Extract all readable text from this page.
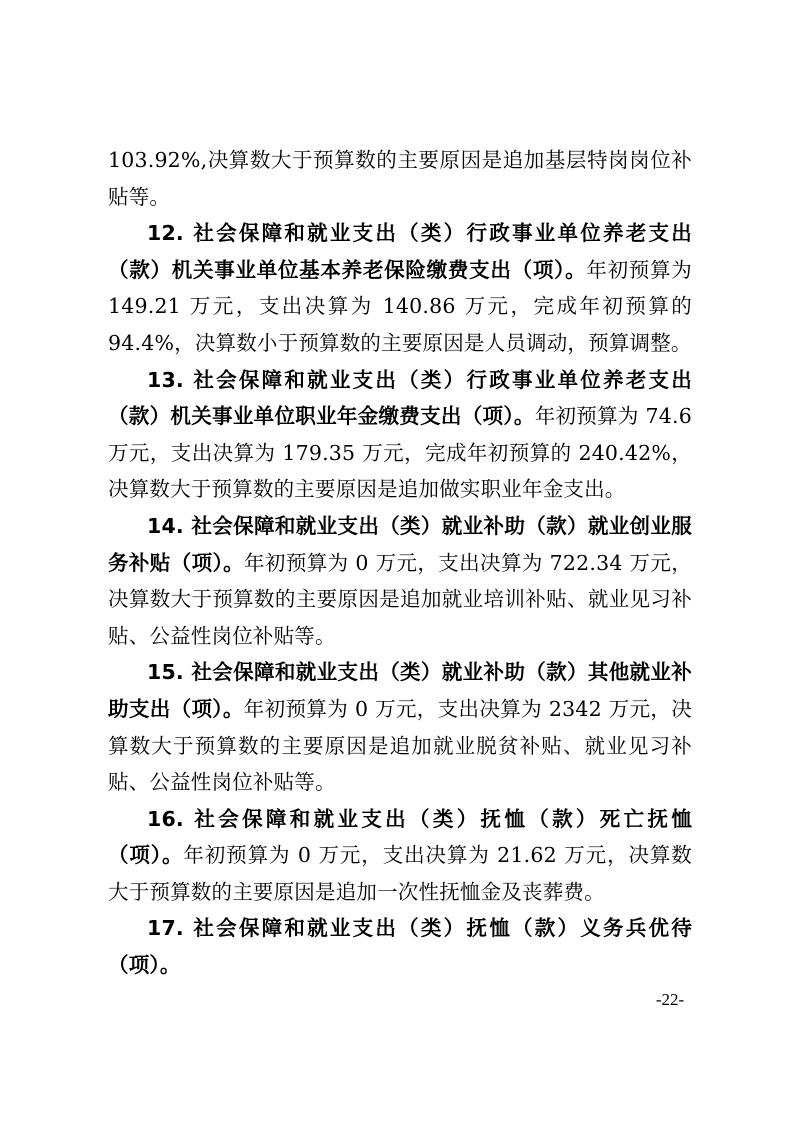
103.92%,决算数大于预算数的主要原因是追加基层特岗岗位补贴等。

12. 社会保障和就业支出（类）行政事业单位养老支出（款）机关事业单位基本养老保险缴费支出（项）。年初预算为 149.21 万元，支出决算为 140.86 万元，完成年初预算的 94.4%，决算数小于预算数的主要原因是人员调动，预算调整。

13. 社会保障和就业支出（类）行政事业单位养老支出（款）机关事业单位职业年金缴费支出（项）。年初预算为 74.6 万元，支出决算为 179.35 万元，完成年初预算的 240.42%，决算数大于预算数的主要原因是追加做实职业年金支出。

14. 社会保障和就业支出（类）就业补助（款）就业创业服务补贴（项）。年初预算为 0 万元，支出决算为 722.34 万元，决算数大于预算数的主要原因是追加就业培训补贴、就业见习补贴、公益性岗位补贴等。

15. 社会保障和就业支出（类）就业补助（款）其他就业补助支出（项）。年初预算为 0 万元，支出决算为 2342 万元，决算数大于预算数的主要原因是追加就业脱贫补贴、就业见习补贴、公益性岗位补贴等。

16. 社会保障和就业支出（类）抚恤（款）死亡抚恤（项）。年初预算为 0 万元，支出决算为 21.62 万元，决算数大于预算数的主要原因是追加一次性抚恤金及丧葬费。

17. 社会保障和就业支出（类）抚恤（款）义务兵优待（项）。

-22-
